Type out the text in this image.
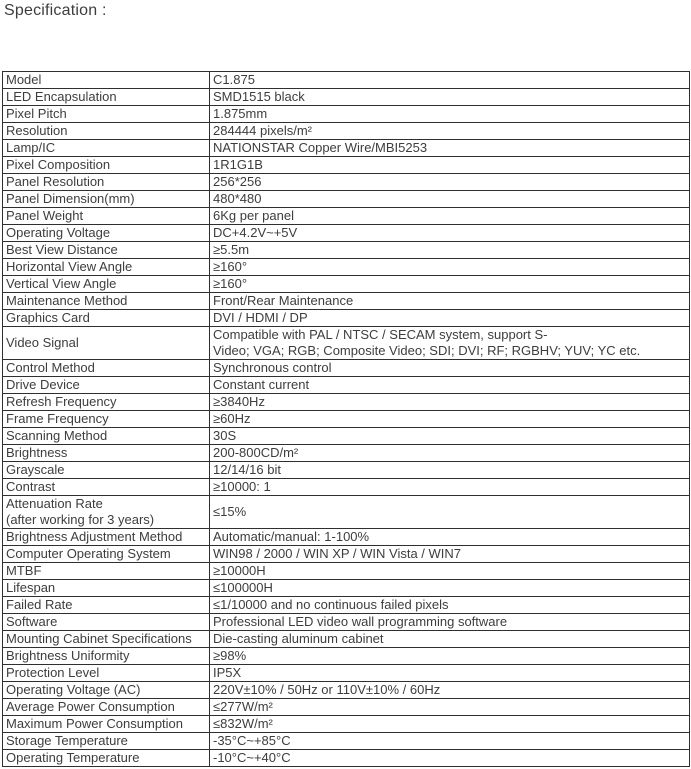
Specification :
Model	C1.875
LED Encapsulation	SMD1515 black
Pixel Pitch	1.875mm
Resolution	284444 pixels/m²
Lamp/IC	NATIONSTAR Copper Wire/MBI5253
Pixel Composition	1R1G1B
Panel Resolution	256*256
Panel Dimension(mm)	480*480
Panel Weight	6Kg per panel
Operating Voltage	DC+4.2V~+5V
Best View Distance	≥5.5m
Horizontal View Angle	≥160°
Vertical View Angle	≥160°
Maintenance Method	Front/Rear Maintenance
Graphics Card	DVI / HDMI / DP
Video Signal	Compatible with PAL / NTSC / SECAM system, support S-
Video; VGA; RGB; Composite Video; SDI; DVI; RF; RGBHV; YUV; YC etc.
Control Method	Synchronous control
Drive Device	Constant current
Refresh Frequency	≥3840Hz
Frame Frequency	≥60Hz
Scanning Method	30S
Brightness	200-800CD/m²
Grayscale	12/14/16 bit
Contrast	≥10000: 1
Attenuation Rate
(after working for 3 years)	≤15%
Brightness Adjustment Method	Automatic/manual: 1-100%
Computer Operating System	WIN98 / 2000 / WIN XP / WIN Vista / WIN7
MTBF	≥10000H
Lifespan	≤100000H
Failed Rate	≤1/10000 and no continuous failed pixels
Software	Professional LED video wall programming software
Mounting Cabinet Specifications	Die-casting aluminum cabinet
Brightness Uniformity	≥98%
Protection Level	IP5X
Operating Voltage (AC)	220V±10% / 50Hz or 110V±10% / 60Hz
Average Power Consumption	≤277W/m²
Maximum Power Consumption	≤832W/m²
Storage Temperature	-35°C~+85°C
Operating Temperature	-10°C~+40°C
